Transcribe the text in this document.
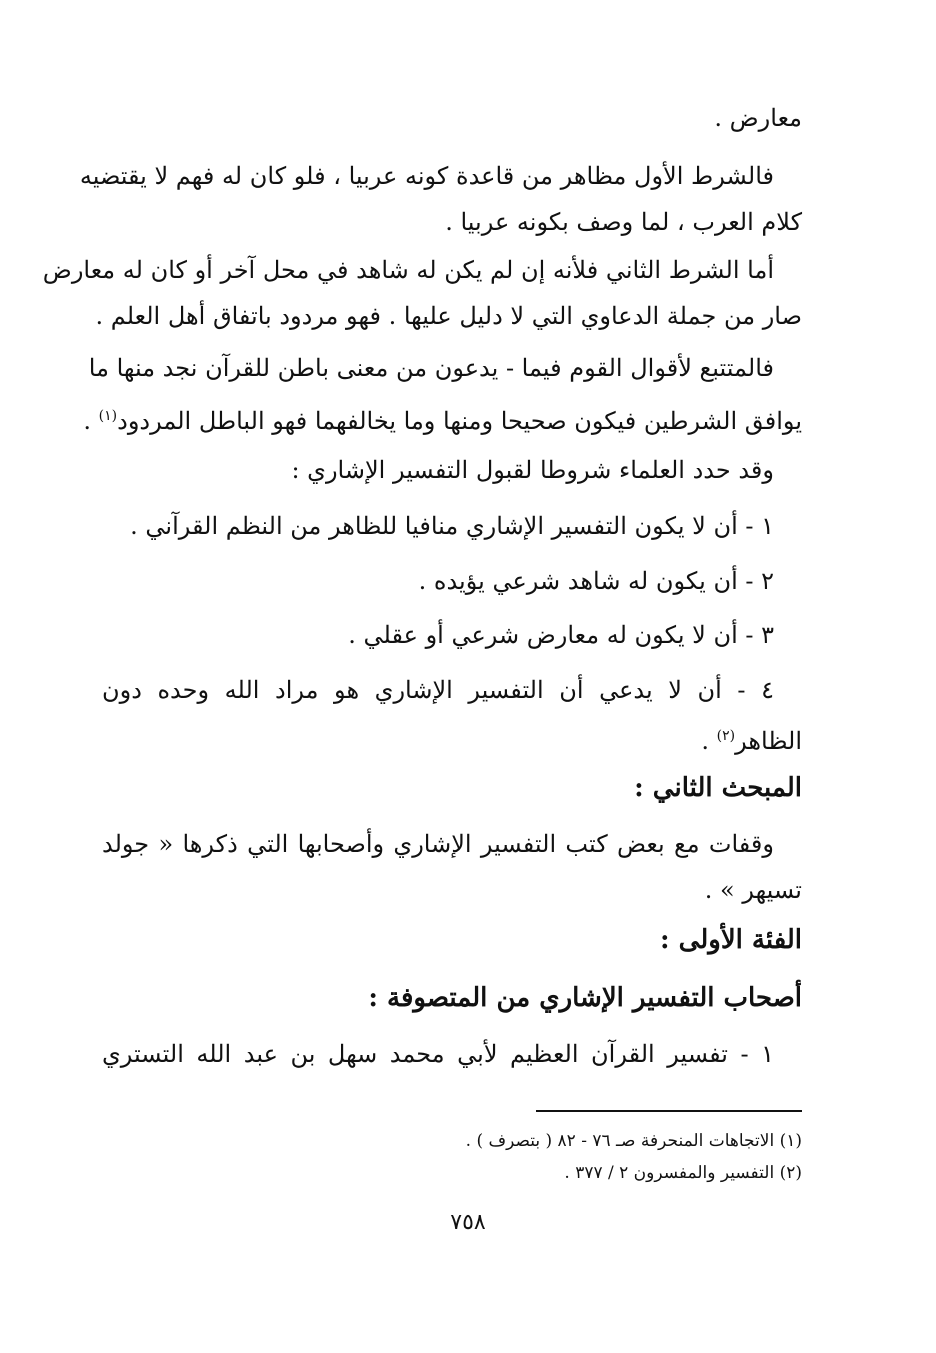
معارض .
فالشرط الأول مظاهر من قاعدة كونه عربيا ، فلو كان له فهم لا يقتضيه
كلام العرب ، لما وصف بكونه عربيا .
أما الشرط الثاني فلأنه إن لم يكن له شاهد في محل آخر أو كان له معارض
صار من جملة الدعاوي التي لا دليل عليها . فهو مردود باتفاق أهل العلم .
فالمتتبع لأقوال القوم فيما - يدعون من معنى باطن للقرآن نجد منها ما
يوافق الشرطين فيكون صحيحا ومنها وما يخالفهما فهو الباطل المردود$^{(١)}$ .
وقد حدد العلماء شروطا لقبول التفسير الإشاري :
١ - أن لا يكون التفسير الإشاري منافيا للظاهر من النظم القرآني .
٢ - أن يكون له شاهد شرعي يؤيده .
٣ - أن لا يكون له معارض شرعي أو عقلي .
٤ - أن لا يدعي أن التفسير الإشاري هو مراد الله وحده دون
الظاهر$^{(٢)}$ .
المبحث الثاني :
وقفات مع بعض كتب التفسير الإشاري وأصحابها التي ذكرها « جولد
تسيهر » .
الفئة الأولى :
أصحاب التفسير الإشاري من المتصوفة :
١ - تفسير القرآن العظيم لأبي محمد سهل بن عبد الله التستري
(١) الاتجاهات المنحرفة صـ ٧٦ - ٨٢ ( بتصرف ) .
(٢) التفسير والمفسرون ٢ / ٣٧٧ .
٧٥٨
